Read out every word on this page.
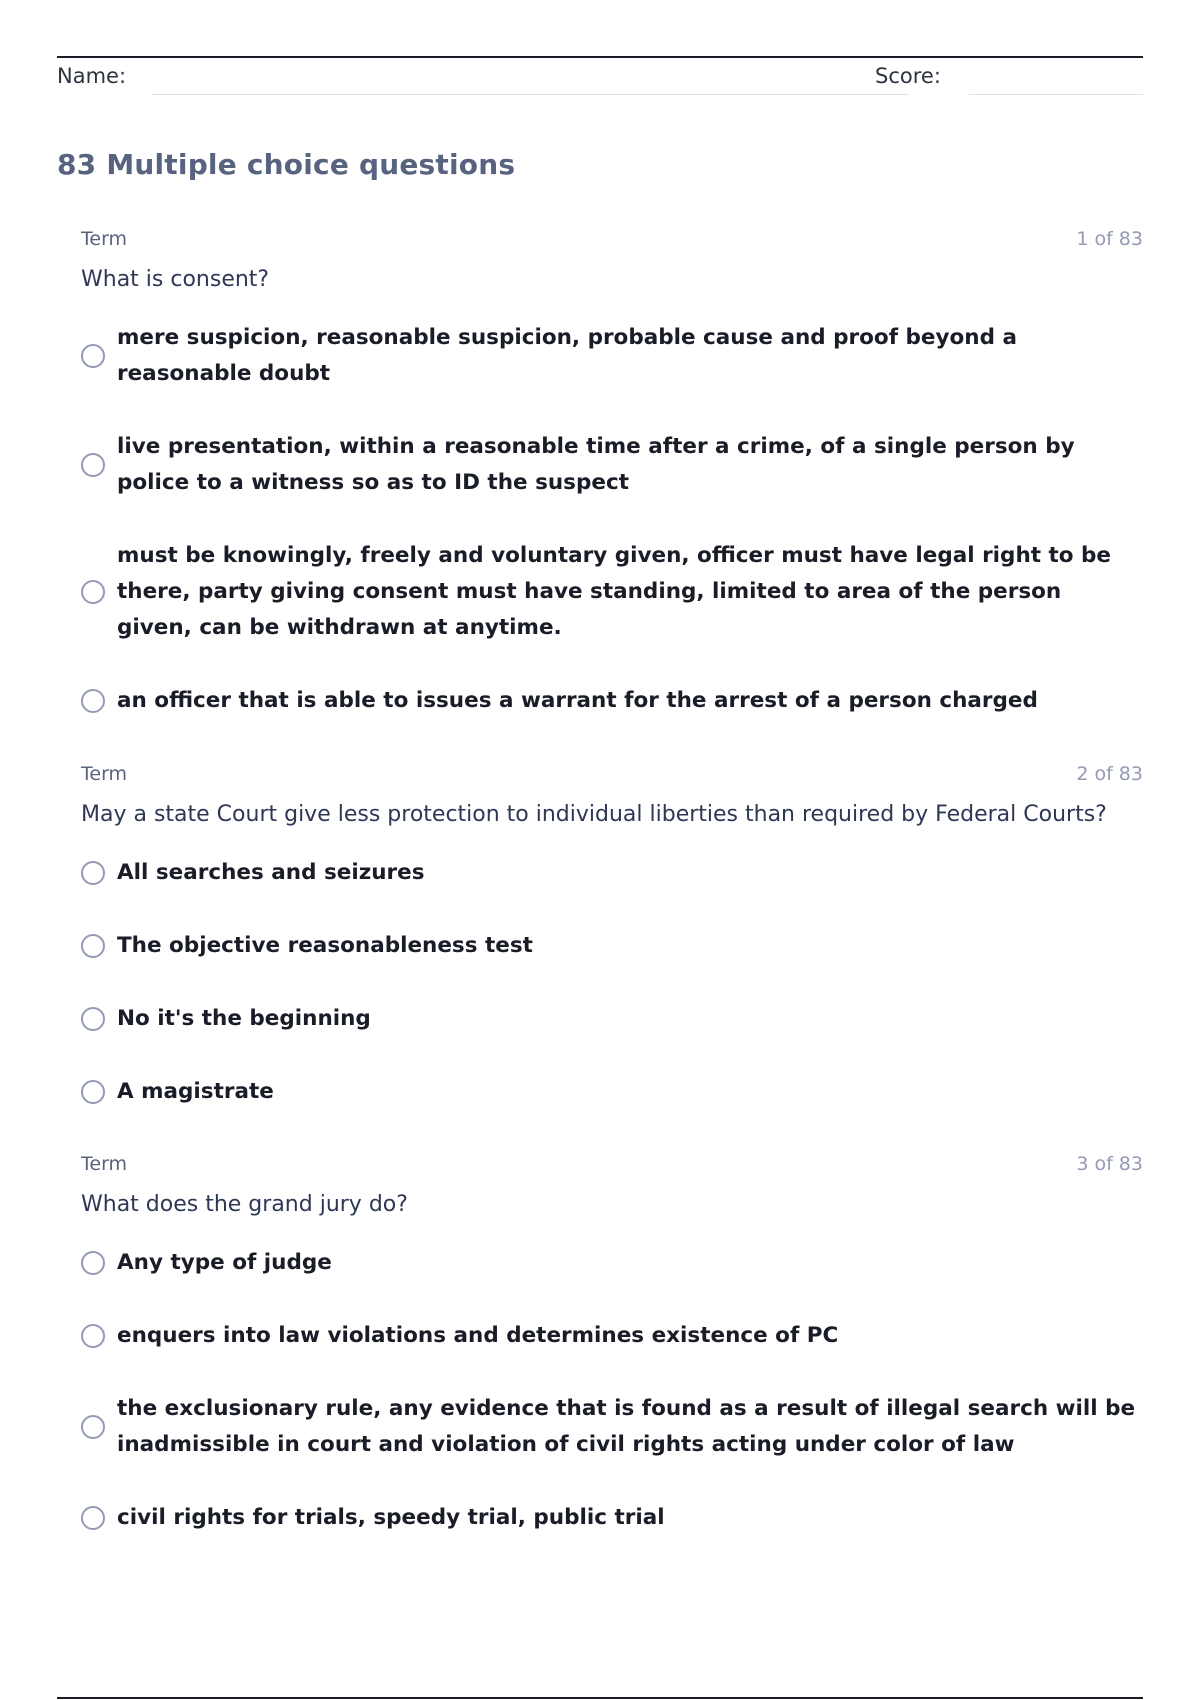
Name:	Score:
83 Multiple choice questions
Term	1 of 83
What is consent?
mere suspicion, reasonable suspicion, probable cause and proof beyond a reasonable doubt
live presentation, within a reasonable time after a crime, of a single person by police to a witness so as to ID the suspect
must be knowingly, freely and voluntary given, officer must have legal right to be there, party giving consent must have standing, limited to area of the person given, can be withdrawn at anytime.
an officer that is able to issues a warrant for the arrest of a person charged
Term	2 of 83
May a state Court give less protection to individual liberties than required by Federal Courts?
All searches and seizures
The objective reasonableness test
No it's the beginning
A magistrate
Term	3 of 83
What does the grand jury do?
Any type of judge
enquers into law violations and determines existence of PC
the exclusionary rule, any evidence that is found as a result of illegal search will be inadmissible in court and violation of civil rights acting under color of law
civil rights for trials, speedy trial, public trial
